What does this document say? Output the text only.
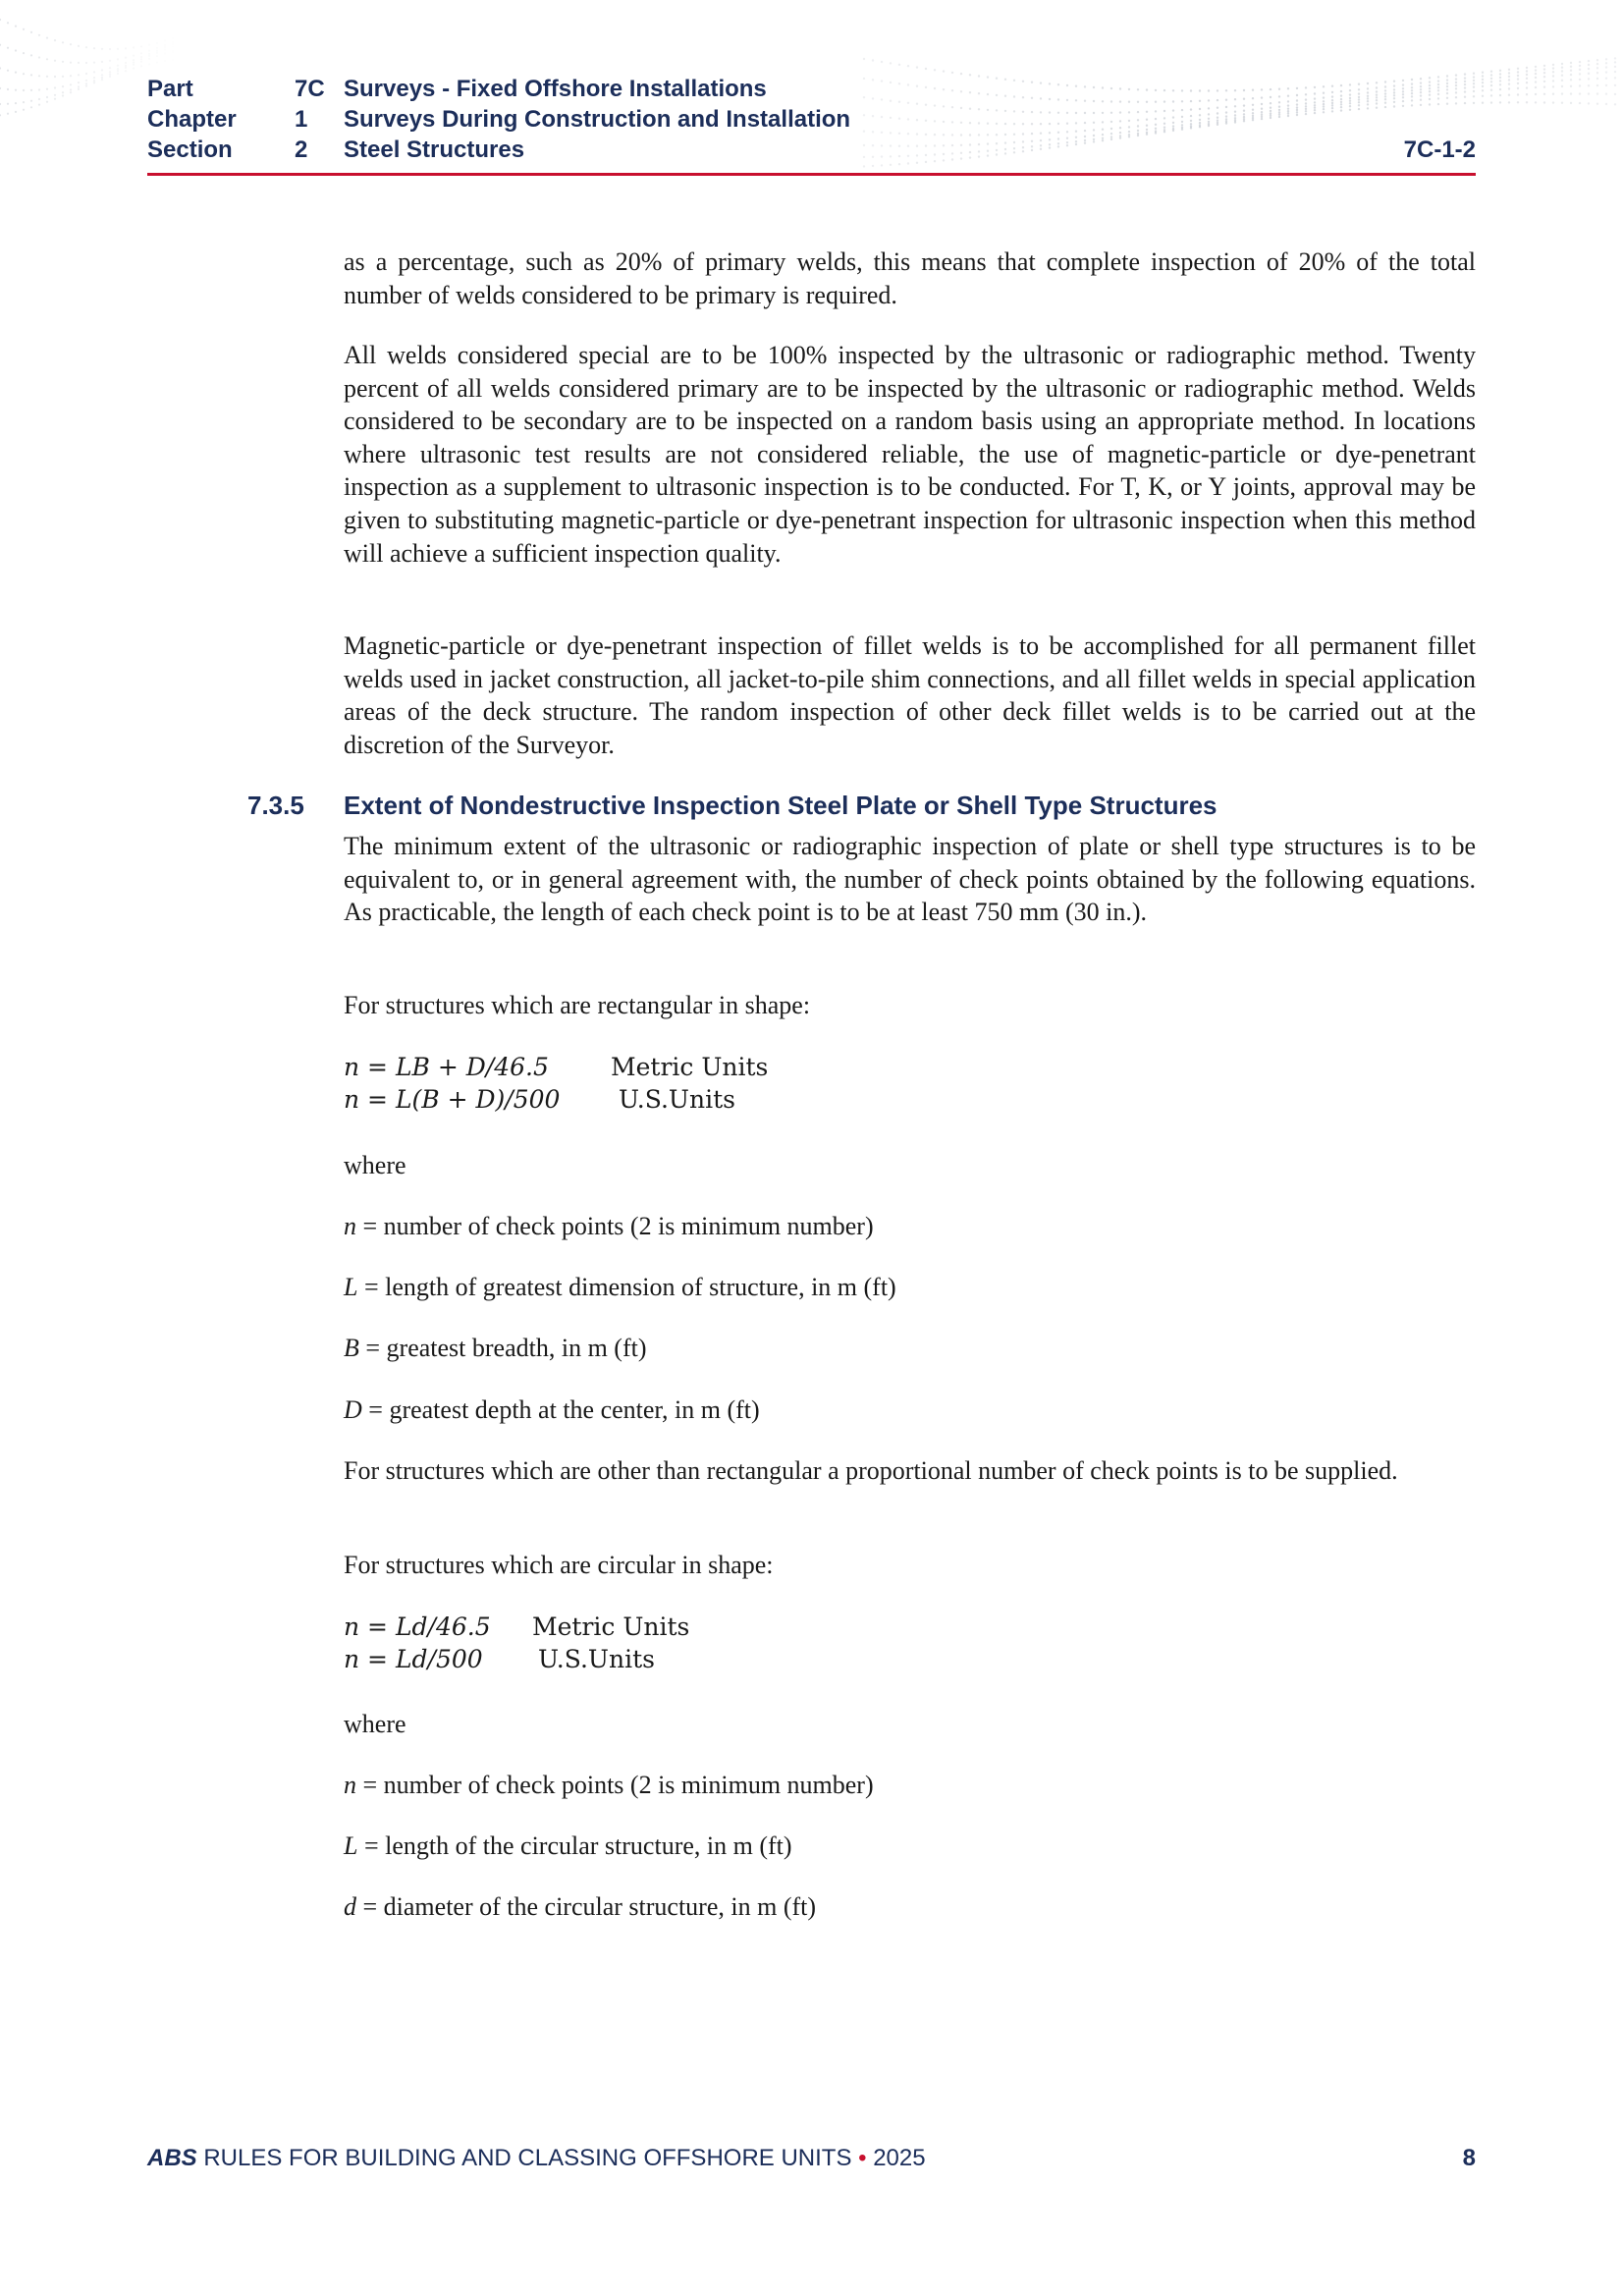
Part	7C Surveys - Fixed Offshore Installations
Chapter 1 Surveys During Construction and Installation
Section	2 Steel Structures	7C-1-2

as a percentage, such as 20% of primary welds, this means that complete inspection of 20% of the total number of welds considered to be primary is required.

All welds considered special are to be 100% inspected by the ultrasonic or radiographic method. Twenty percent of all welds considered primary are to be inspected by the ultrasonic or radiographic method. Welds considered to be secondary are to be inspected on a random basis using an appropriate method. In locations where ultrasonic test results are not considered reliable, the use of magnetic-particle or dye-penetrant inspection as a supplement to ultrasonic inspection is to be conducted. For T, K, or Y joints, approval may be given to substituting magnetic-particle or dye-penetrant inspection for ultrasonic inspection when this method will achieve a sufficient inspection quality.

Magnetic-particle or dye-penetrant inspection of fillet welds is to be accomplished for all permanent fillet welds used in jacket construction, all jacket-to-pile shim connections, and all fillet welds in special application areas of the deck structure. The random inspection of other deck fillet welds is to be carried out at the discretion of the Surveyor.

7.3.5 Extent of Nondestructive Inspection Steel Plate or Shell Type Structures

The minimum extent of the ultrasonic or radiographic inspection of plate or shell type structures is to be equivalent to, or in general agreement with, the number of check points obtained by the following equations. As practicable, the length of each check point is to be at least 750 mm (30 in.).

For structures which are rectangular in shape:
n = LB + D/46.5	Metric Units
n = L(B + D)/500 U.S.Units
where
n = number of check points (2 is minimum number)
L = length of greatest dimension of structure, in m (ft)
B = greatest breadth, in m (ft)
D = greatest depth at the center, in m (ft)

For structures which are other than rectangular a proportional number of check points is to be supplied.

For structures which are circular in shape:
n = Ld/46.5 Metric Units
n = Ld/500 U.S.Units
where
n = number of check points (2 is minimum number)
L = length of the circular structure, in m (ft)
d = diameter of the circular structure, in m (ft)
ABS RULES FOR BUILDING AND CLASSING OFFSHORE UNITS • 2025	8
